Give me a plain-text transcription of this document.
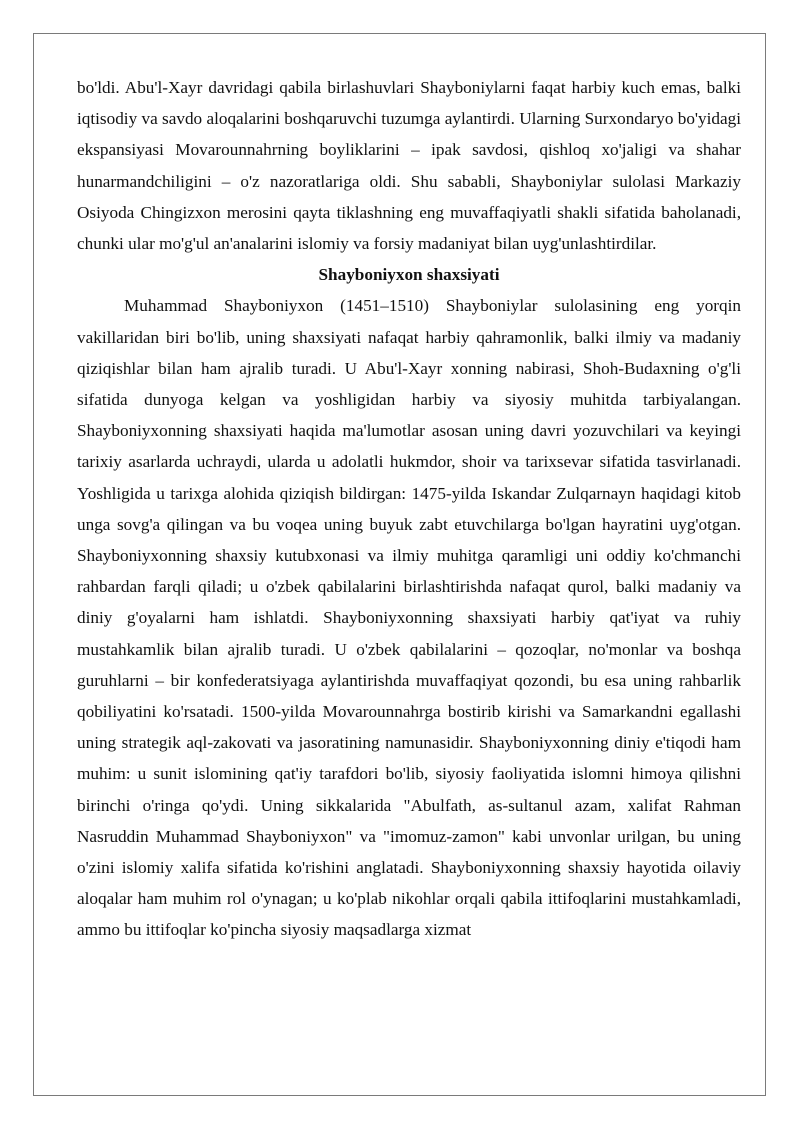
bo'ldi. Abu'l-Xayr davridagi qabila birlashuvlari Shayboniylarni faqat harbiy kuch emas, balki iqtisodiy va savdo aloqalarini boshqaruvchi tuzumga aylantirdi. Ularning Surxondaryo bo'yidagi ekspansiyasi Movarounnahrning boyliklarini – ipak savdosi, qishloq xo'jaligi va shahar hunarmandchiligini – o'z nazoratlariga oldi. Shu sababli, Shayboniylar sulolasi Markaziy Osiyoda Chingizxon merosini qayta tiklashning eng muvaffaqiyatli shakli sifatida baholanadi, chunki ular mo'g'ul an'analarini islomiy va forsiy madaniyat bilan uyg'unlashtirdilar.

Shayboniyxon shaxsiyati

Muhammad Shayboniyxon (1451–1510) Shayboniylar sulolasining eng yorqin vakillaridan biri bo'lib, uning shaxsiyati nafaqat harbiy qahramonlik, balki ilmiy va madaniy qiziqishlar bilan ham ajralib turadi. U Abu'l-Xayr xonning nabirasi, Shoh-Budaxning o'g'li sifatida dunyoga kelgan va yoshligidan harbiy va siyosiy muhitda tarbiyalangan. Shayboniyxonning shaxsiyati haqida ma'lumotlar asosan uning davri yozuvchilari va keyingi tarixiy asarlarda uchraydi, ularda u adolatli hukmdor, shoir va tarixsevar sifatida tasvirlanadi. Yoshligida u tarixga alohida qiziqish bildirgan: 1475-yilda Iskandar Zulqarnayn haqidagi kitob unga sovg'a qilingan va bu voqea uning buyuk zabt etuvchilarga bo'lgan hayratini uyg'otgan. Shayboniyxonning shaxsiy kutubxonasi va ilmiy muhitga qaramligi uni oddiy ko'chmanchi rahbardan farqli qiladi; u o'zbek qabilalarini birlashtirishda nafaqat qurol, balki madaniy va diniy g'oyalarni ham ishlatdi. Shayboniyxonning shaxsiyati harbiy qat'iyat va ruhiy mustahkamlik bilan ajralib turadi. U o'zbek qabilalarini – qozoqlar, no'monlar va boshqa guruhlarni – bir konfederatsiyaga aylantirishda muvaffaqiyat qozondi, bu esa uning rahbarlik qobiliyatini ko'rsatadi. 1500-yilda Movarounnahrga bostirib kirishi va Samarkandni egallashi uning strategik aql-zakovati va jasoratining namunasidir. Shayboniyxonning diniy e'tiqodi ham muhim: u sunit islomining qat'iy tarafdori bo'lib, siyosiy faoliyatida islomni himoya qilishni birinchi o'ringa qo'ydi. Uning sikkalarida "Abulfath, as-sultanul azam, xalifat Rahman Nasruddin Muhammad Shayboniyxon" va "imomuz-zamon" kabi unvonlar urilgan, bu uning o'zini islomiy xalifa sifatida ko'rishini anglatadi. Shayboniyxonning shaxsiy hayotida oilaviy aloqalar ham muhim rol o'ynagan; u ko'plab nikohlar orqali qabila ittifoqlarini mustahkamladi, ammo bu ittifoqlar ko'pincha siyosiy maqsadlarga xizmat
